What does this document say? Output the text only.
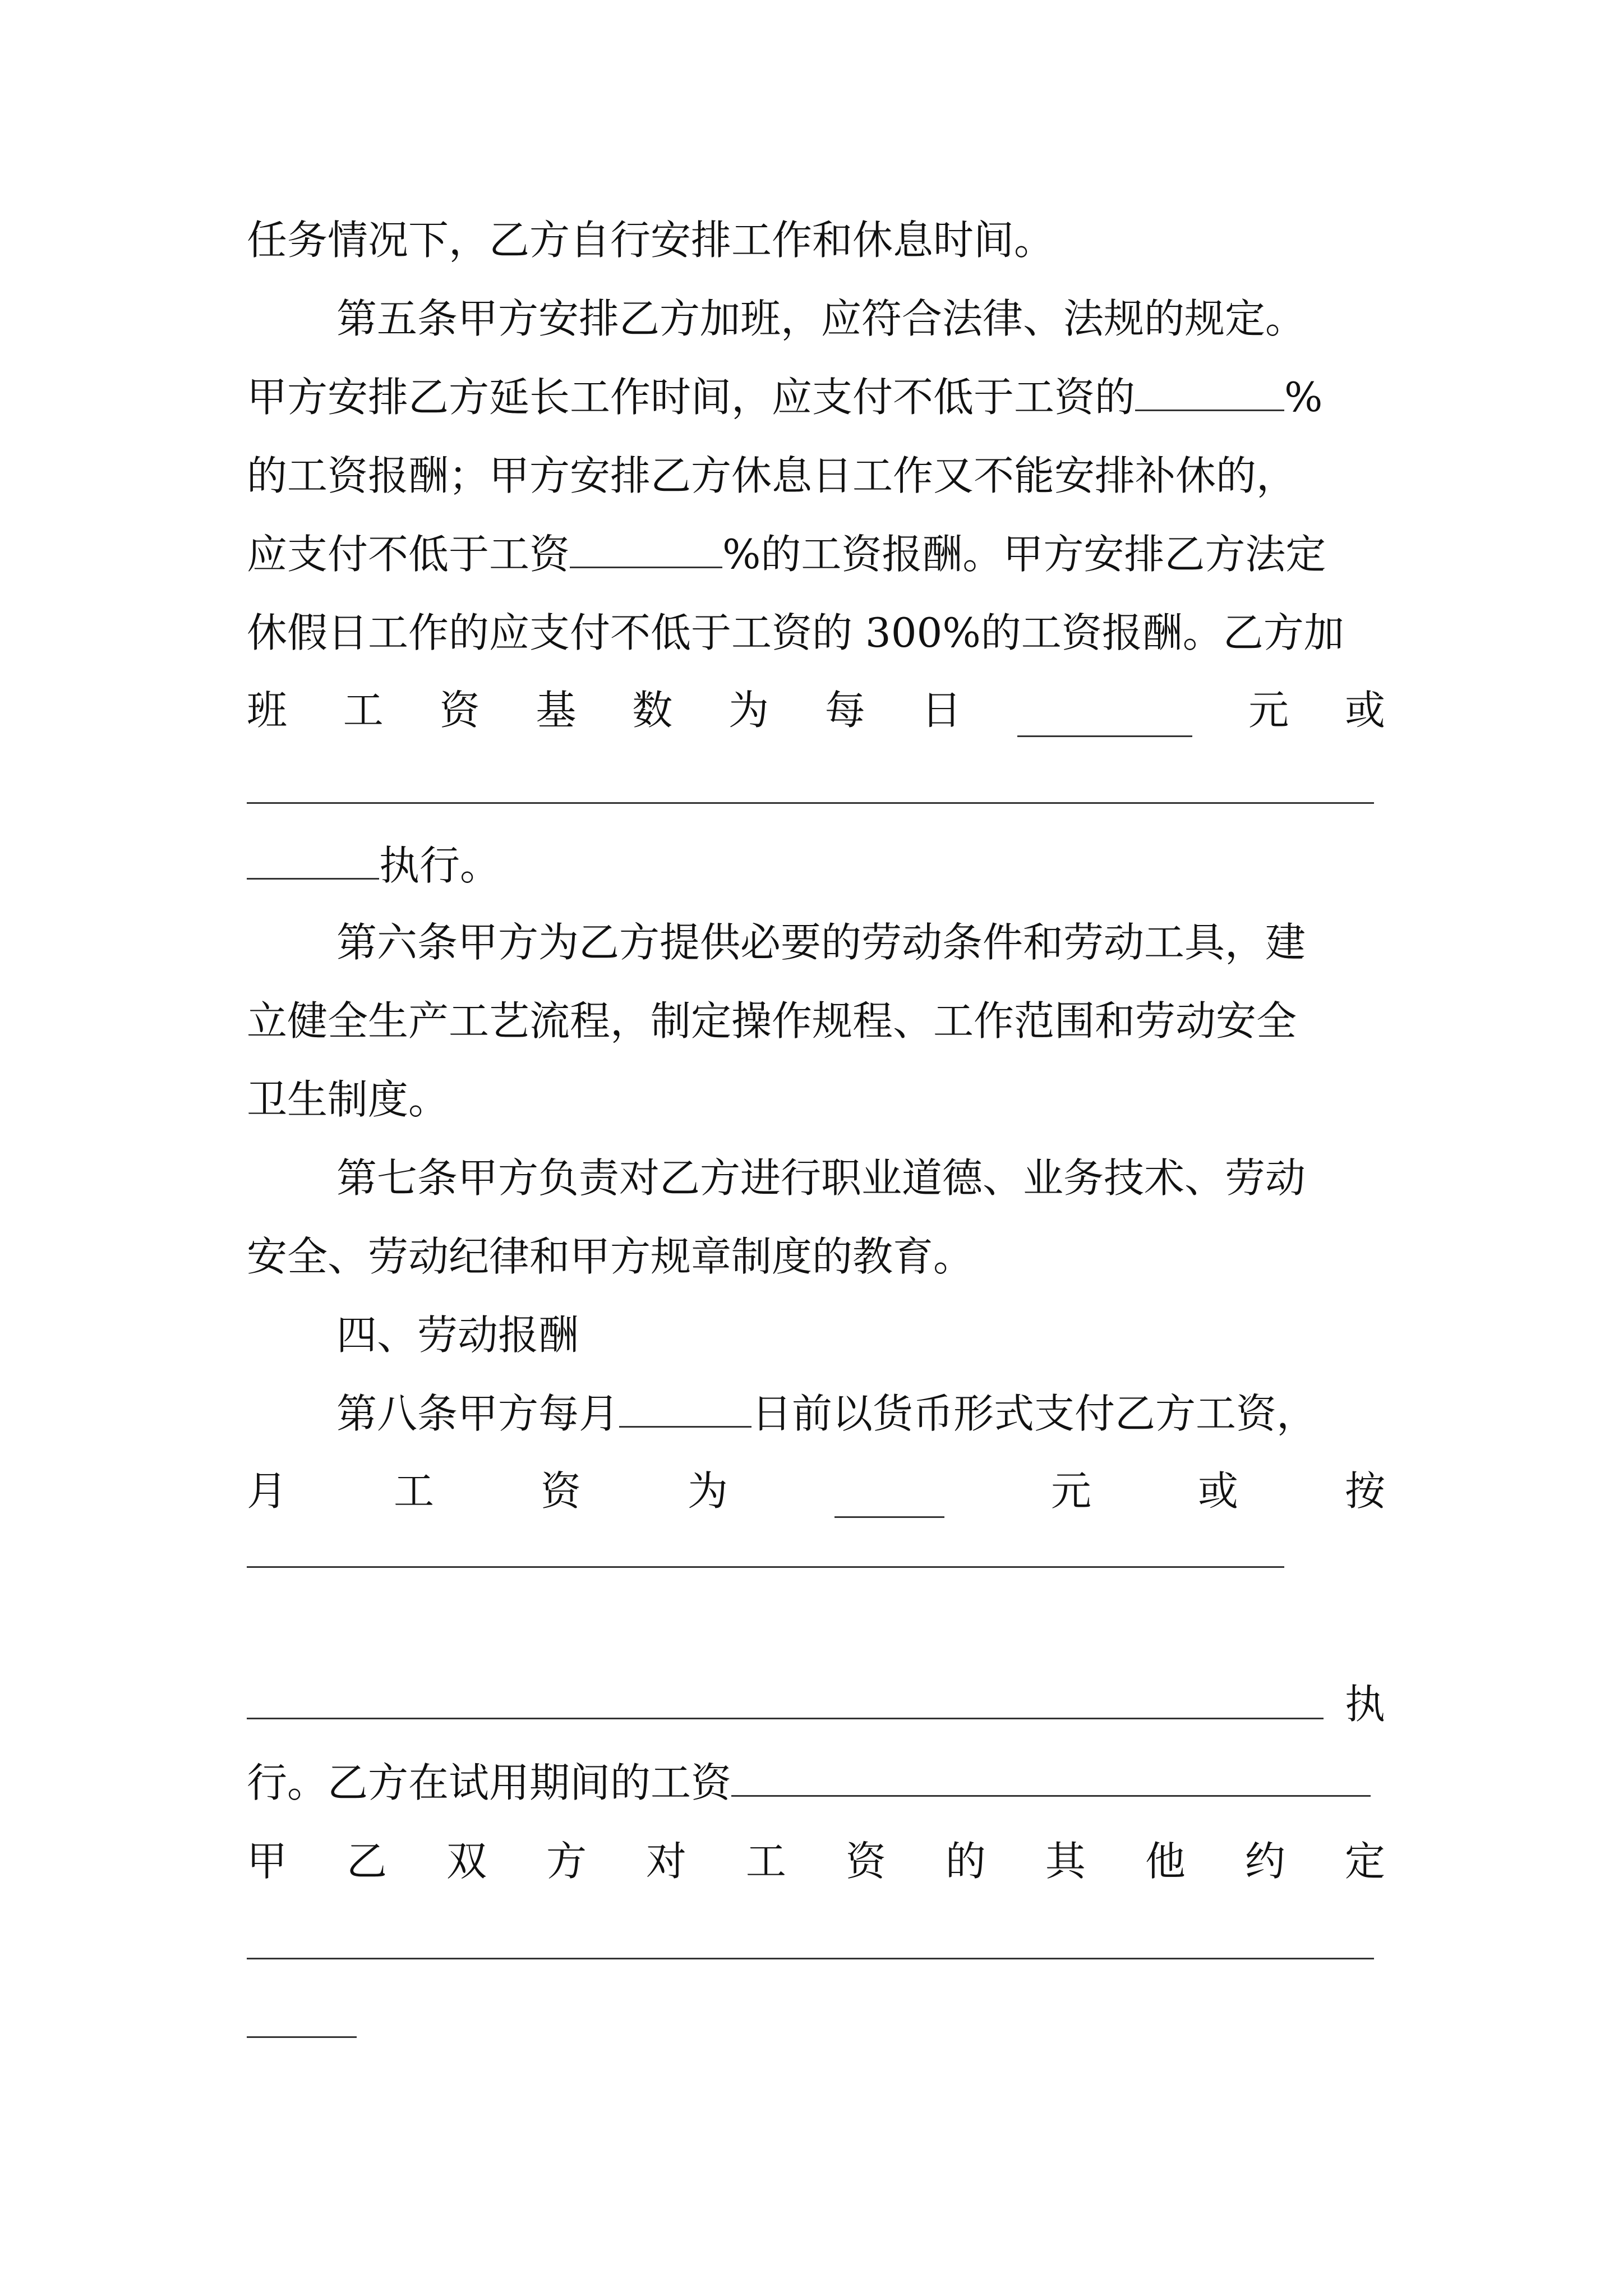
任务情况下，乙方自行安排工作和休息时间。
第五条甲方安排乙方加班，应符合法律、法规的规定。
甲方安排乙方延长工作时间，应支付不低于工资的	%
的工资报酬；甲方安排乙方休息日工作又不能安排补休的，
应支付不低于工资	%的工资报酬。甲方安排乙方法定
休假日工作的应支付不低于工资的 300%的工资报酬。乙方加
班 工 资 基 数 为 每 日	元 或
执行。
第六条甲方为乙方提供必要的劳动条件和劳动工具，建
立健全生产工艺流程，制定操作规程、工作范围和劳动安全
卫生制度。
第七条甲方负责对乙方进行职业道德、业务技术、劳动
安全、劳动纪律和甲方规章制度的教育。
四、劳动报酬
第八条甲方每月	日前以货币形式支付乙方工资，
月	工	资	为	元	或	按
执
行。乙方在试用期间的工资
甲 乙 双 方 对 工 资 的 其 他 约 定
